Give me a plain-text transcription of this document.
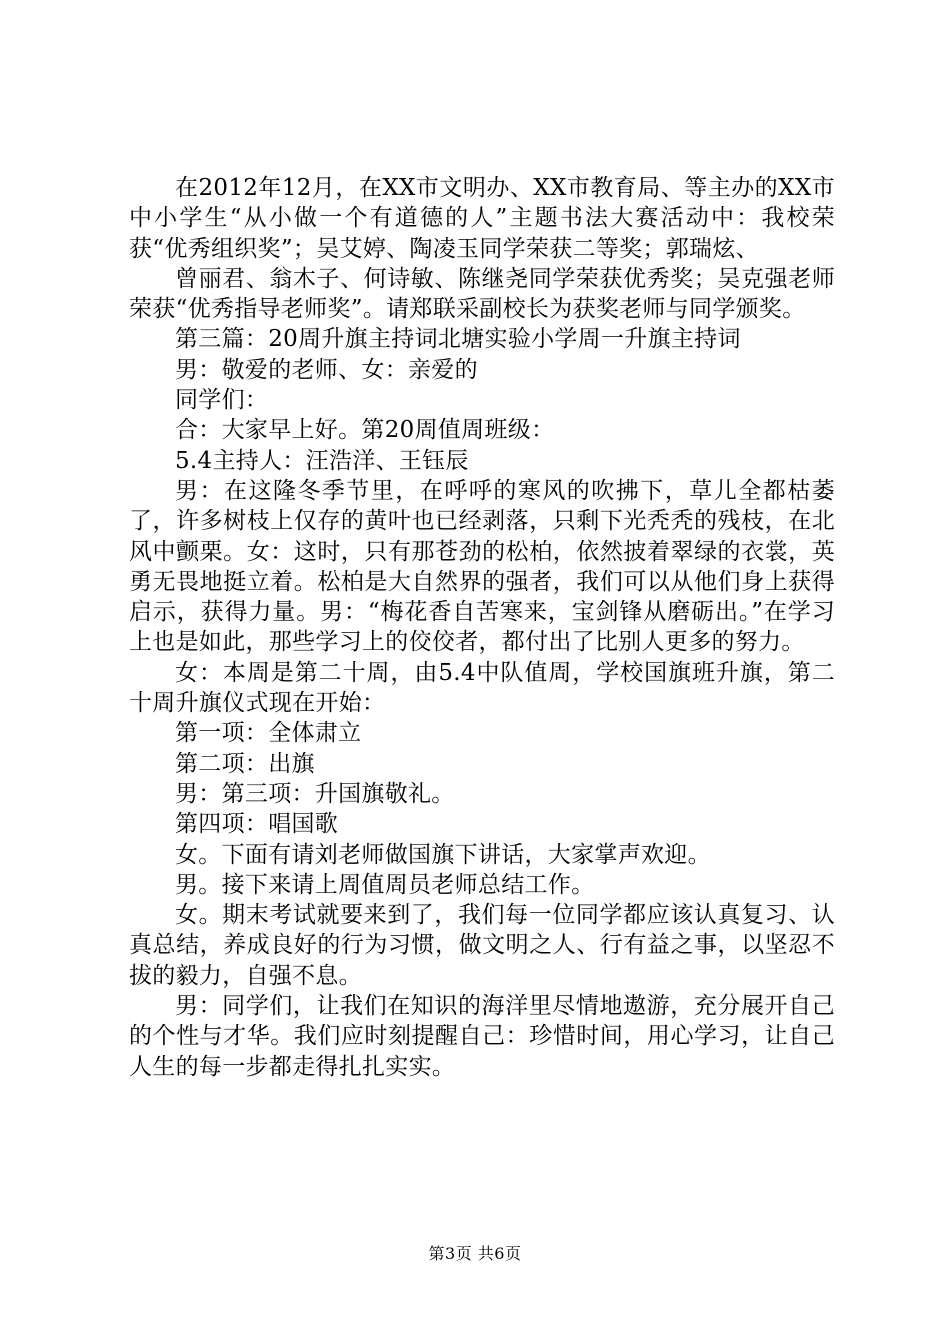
在2012年12月，在XX市文明办、XX市教育局、等主办的XX市中小学生“从小做一个有道德的人”主题书法大赛活动中：我校荣获“优秀组织奖”；吴艾婷、陶凌玉同学荣获二等奖；郭瑞炫、

曾丽君、翁木子、何诗敏、陈继尧同学荣获优秀奖；吴克强老师荣获“优秀指导老师奖”。请郑联采副校长为获奖老师与同学颁奖。

第三篇：20周升旗主持词北塘实验小学周一升旗主持词

男：敬爱的老师、女：亲爱的

同学们：

合：大家早上好。第20周值周班级：

5.4主持人：汪浩洋、王钰辰

男：在这隆冬季节里，在呼呼的寒风的吹拂下，草儿全都枯萎了，许多树枝上仅存的黄叶也已经剥落，只剩下光秃秃的残枝，在北风中颤栗。女：这时，只有那苍劲的松柏，依然披着翠绿的衣裳，英勇无畏地挺立着。松柏是大自然界的强者，我们可以从他们身上获得启示，获得力量。男：“梅花香自苦寒来，宝剑锋从磨砺出。”在学习上也是如此，那些学习上的佼佼者，都付出了比别人更多的努力。

女：本周是第二十周，由5.4中队值周，学校国旗班升旗，第二十周升旗仪式现在开始：

第一项：全体肃立

第二项：出旗

男：第三项：升国旗敬礼。

第四项：唱国歌

女。下面有请刘老师做国旗下讲话，大家掌声欢迎。

男。接下来请上周值周员老师总结工作。

女。期末考试就要来到了，我们每一位同学都应该认真复习、认真总结，养成良好的行为习惯，做文明之人、行有益之事，以坚忍不拔的毅力，自强不息。

男：同学们，让我们在知识的海洋里尽情地遨游，充分展开自己的个性与才华。我们应时刻提醒自己：珍惜时间，用心学习，让自己人生的每一步都走得扎扎实实。

第3页 共6页
